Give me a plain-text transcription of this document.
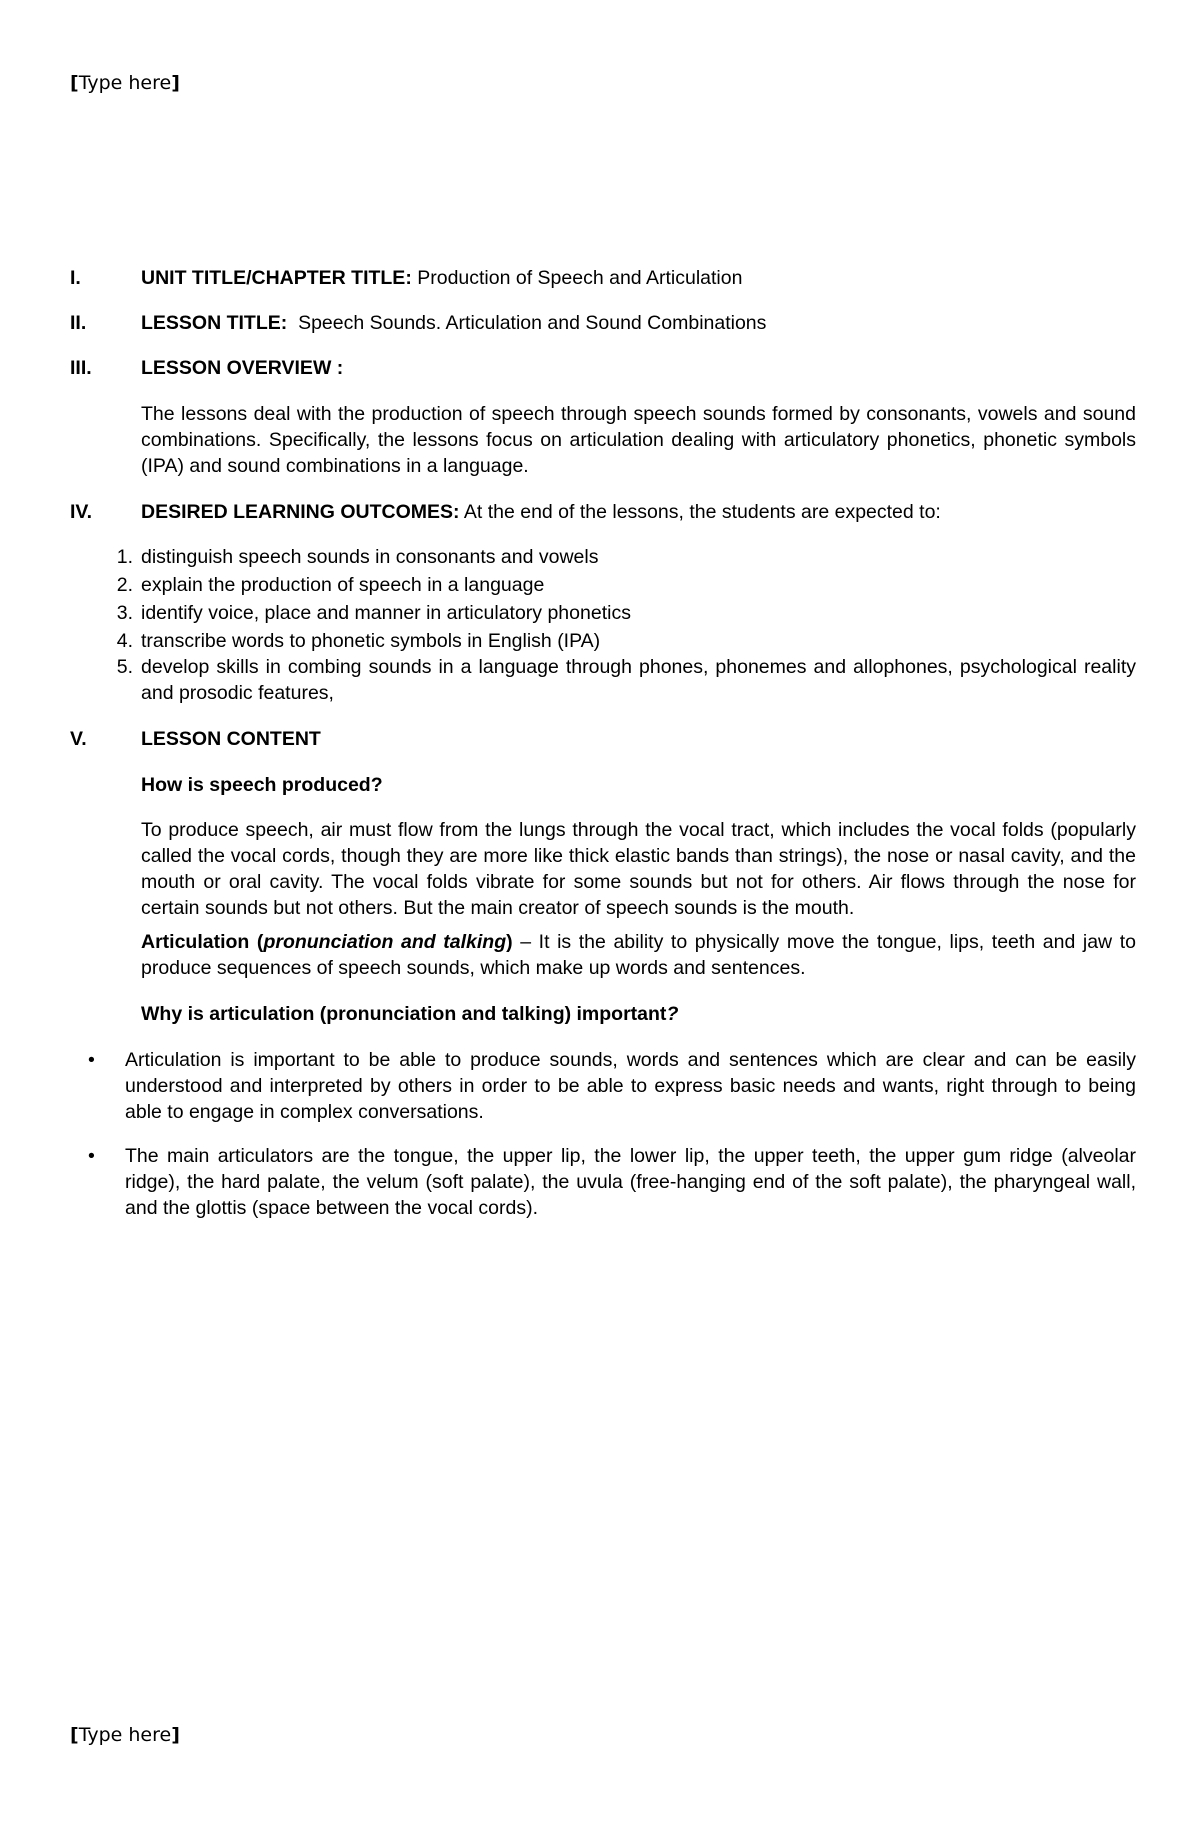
[Type here]
I.	UNIT TITLE/CHAPTER TITLE: Production of Speech and Articulation
II.	LESSON TITLE:  Speech Sounds. Articulation and Sound Combinations
III.	LESSON OVERVIEW :

The lessons deal with the production of speech through speech sounds formed by consonants, vowels and sound combinations. Specifically, the lessons focus on articulation dealing with articulatory phonetics, phonetic symbols (IPA) and sound combinations in a language.

IV.	DESIRED LEARNING OUTCOMES: At the end of the lessons, the students are expected to:
1. distinguish speech sounds in consonants and vowels
2. explain the production of speech in a language
3. identify voice, place and manner in articulatory phonetics
4. transcribe words to phonetic symbols in English (IPA)
5. develop skills in combing sounds in a language through phones, phonemes and allophones, psychological reality and prosodic features,
V.	LESSON CONTENT

How is speech produced?

To produce speech, air must flow from the lungs through the vocal tract, which includes the vocal folds (popularly called the vocal cords, though they are more like thick elastic bands than strings), the nose or nasal cavity, and the mouth or oral cavity. The vocal folds vibrate for some sounds but not for others. Air flows through the nose for certain sounds but not others. But the main creator of speech sounds is the mouth.

Articulation (pronunciation and talking) – It is the ability to physically move the tongue, lips, teeth and jaw to produce sequences of speech sounds, which make up words and sentences.

Why is articulation (pronunciation and talking) important?

•	Articulation is important to be able to produce sounds, words and sentences which are clear and can be easily understood and interpreted by others in order to be able to express basic needs and wants, right through to being able to engage in complex conversations.
•	The main articulators are the tongue, the upper lip, the lower lip, the upper teeth, the upper gum ridge (alveolar ridge), the hard palate, the velum (soft palate), the uvula (free-hanging end of the soft palate), the pharyngeal wall, and the glottis (space between the vocal cords).
[Type here]
